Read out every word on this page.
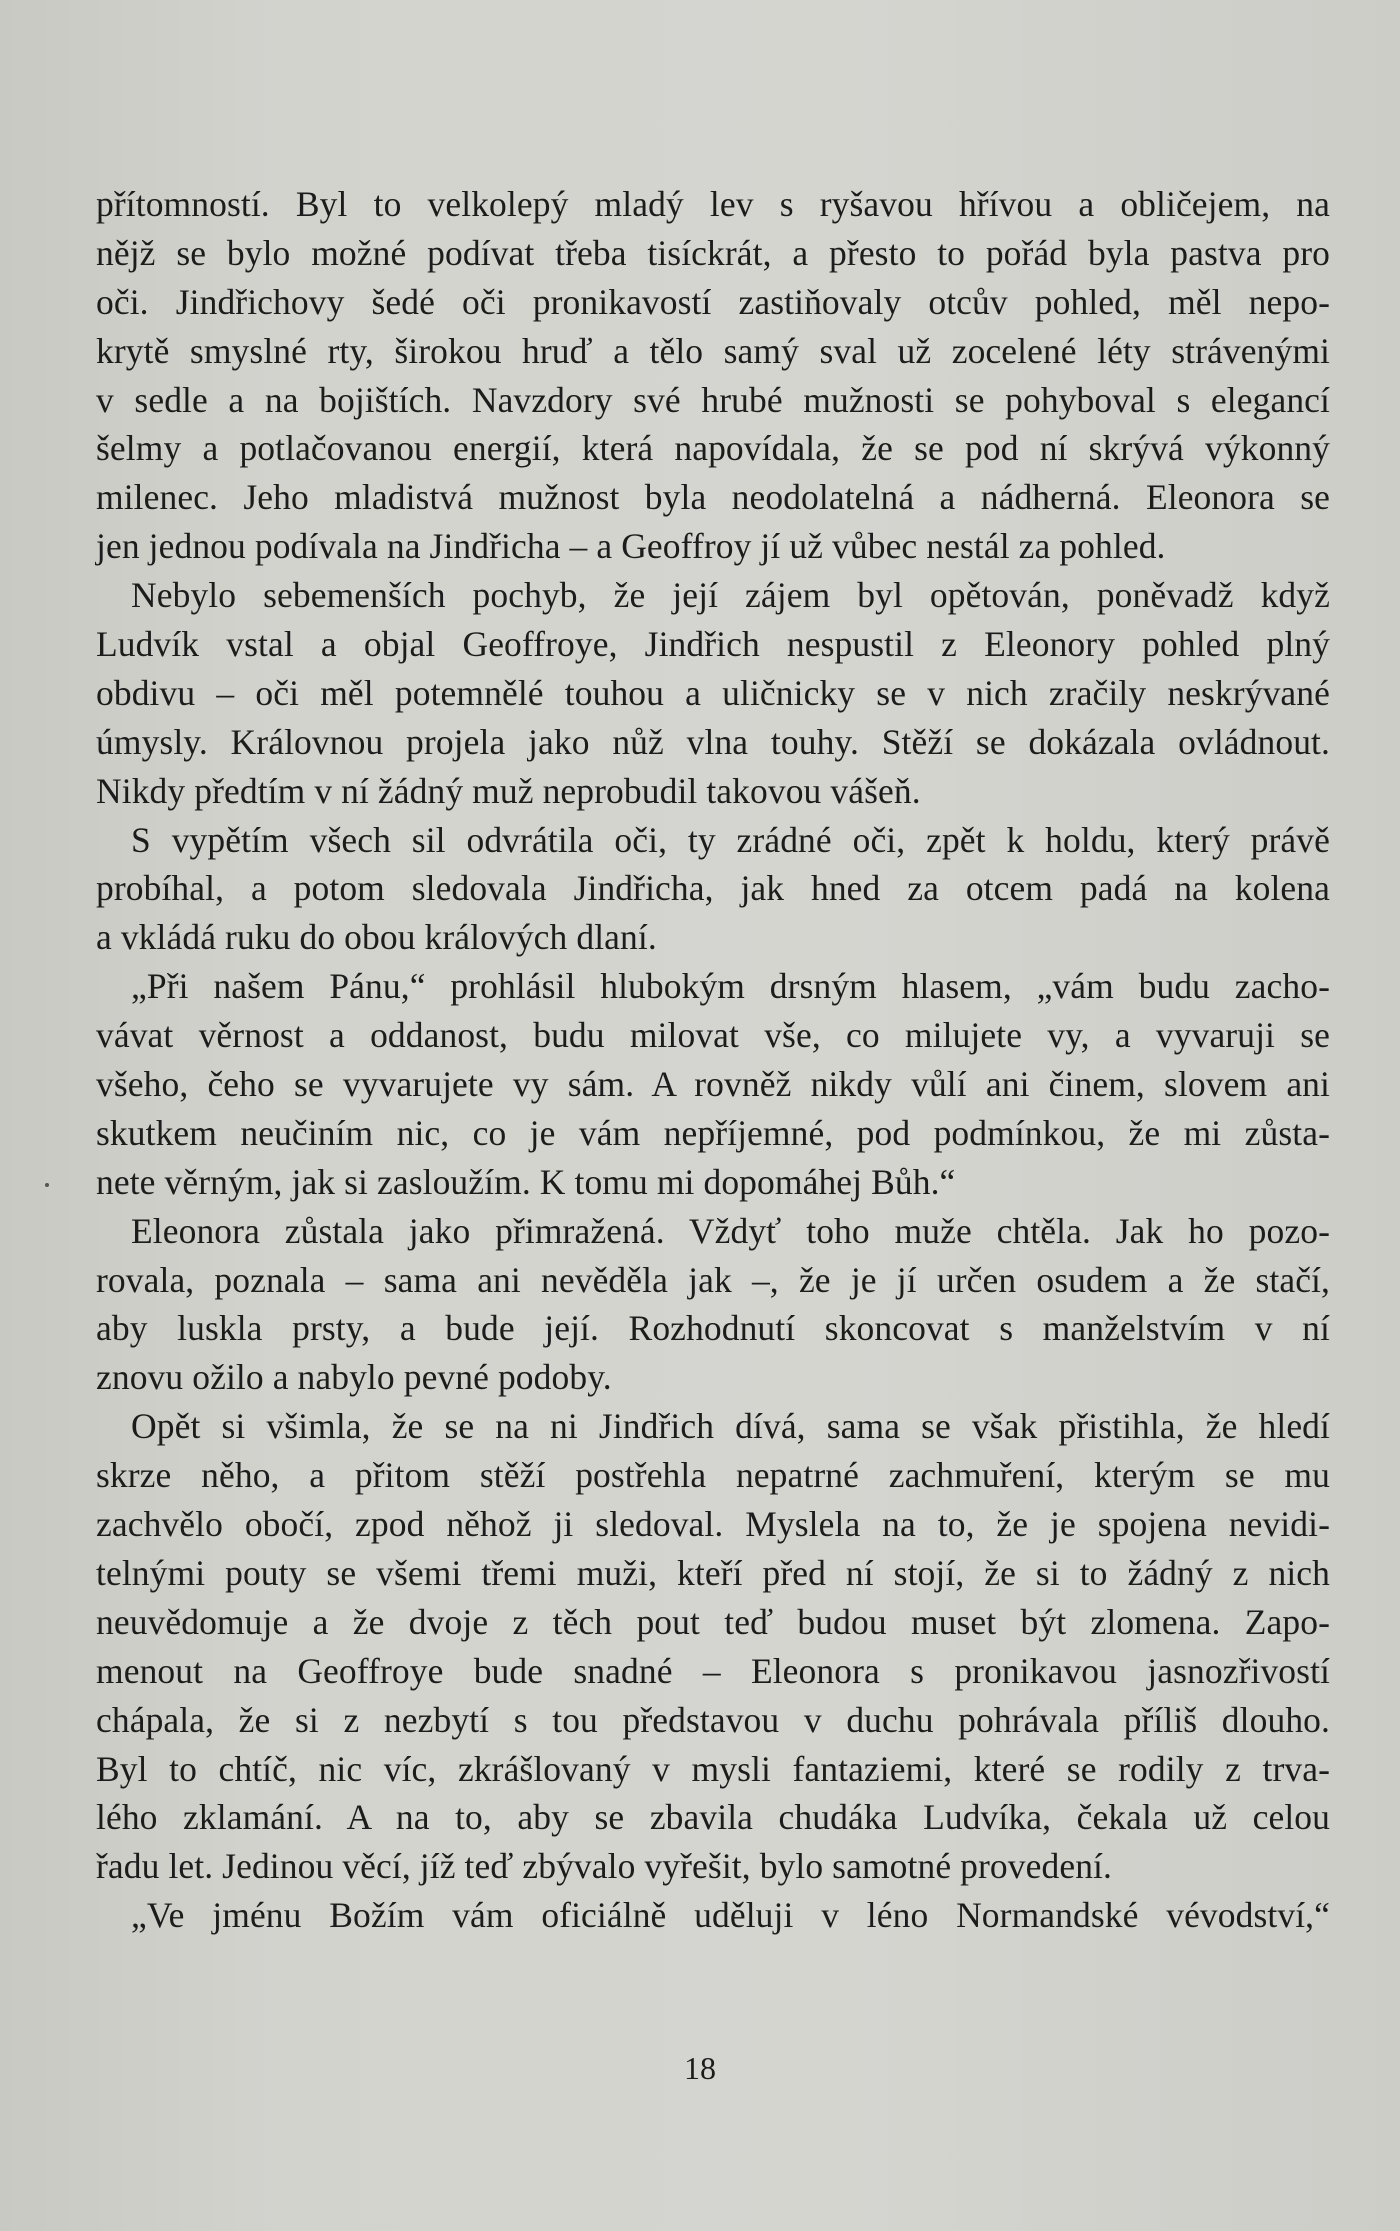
přítomností. Byl to velkolepý mladý lev s ryšavou hřívou a obličejem, na
nějž se bylo možné podívat třeba tisíckrát, a přesto to pořád byla pastva pro
oči. Jindřichovy šedé oči pronikavostí zastiňovaly otcův pohled, měl nepo-
krytě smyslné rty, širokou hruď a tělo samý sval už zocelené léty strávenými
v sedle a na bojištích. Navzdory své hrubé mužnosti se pohyboval s elegancí
šelmy a potlačovanou energií, která napovídala, že se pod ní skrývá výkonný
milenec. Jeho mladistvá mužnost byla neodolatelná a nádherná. Eleonora se
jen jednou podívala na Jindřicha – a Geoffroy jí už vůbec nestál za pohled.
Nebylo sebemenších pochyb, že její zájem byl opětován, poněvadž když
Ludvík vstal a objal Geoffroye, Jindřich nespustil z Eleonory pohled plný
obdivu – oči měl potemnělé touhou a uličnicky se v nich zračily neskrývané
úmysly. Královnou projela jako nůž vlna touhy. Stěží se dokázala ovládnout.
Nikdy předtím v ní žádný muž neprobudil takovou vášeň.
S vypětím všech sil odvrátila oči, ty zrádné oči, zpět k holdu, který právě
probíhal, a potom sledovala Jindřicha, jak hned za otcem padá na kolena
a vkládá ruku do obou králových dlaní.
„Při našem Pánu,“ prohlásil hlubokým drsným hlasem, „vám budu zacho-
vávat věrnost a oddanost, budu milovat vše, co milujete vy, a vyvaruji se
všeho, čeho se vyvarujete vy sám. A rovněž nikdy vůlí ani činem, slovem ani
skutkem neučiním nic, co je vám nepříjemné, pod podmínkou, že mi zůsta-
nete věrným, jak si zasloužím. K tomu mi dopomáhej Bůh.“
Eleonora zůstala jako přimražená. Vždyť toho muže chtěla. Jak ho pozo-
rovala, poznala – sama ani nevěděla jak –, že je jí určen osudem a že stačí,
aby luskla prsty, a bude její. Rozhodnutí skoncovat s manželstvím v ní
znovu ožilo a nabylo pevné podoby.
Opět si všimla, že se na ni Jindřich dívá, sama se však přistihla, že hledí
skrze něho, a přitom stěží postřehla nepatrné zachmuření, kterým se mu
zachvělo obočí, zpod něhož ji sledoval. Myslela na to, že je spojena nevidi-
telnými pouty se všemi třemi muži, kteří před ní stojí, že si to žádný z nich
neuvědomuje a že dvoje z těch pout teď budou muset být zlomena. Zapo-
menout na Geoffroye bude snadné – Eleonora s pronikavou jasnozřivostí
chápala, že si z nezbytí s tou představou v duchu pohrávala příliš dlouho.
Byl to chtíč, nic víc, zkrášlovaný v mysli fantaziemi, které se rodily z trva-
lého zklamání. A na to, aby se zbavila chudáka Ludvíka, čekala už celou
řadu let. Jedinou věcí, jíž teď zbývalo vyřešit, bylo samotné provedení.
„Ve jménu Božím vám oficiálně uděluji v léno Normandské vévodství,“
18
